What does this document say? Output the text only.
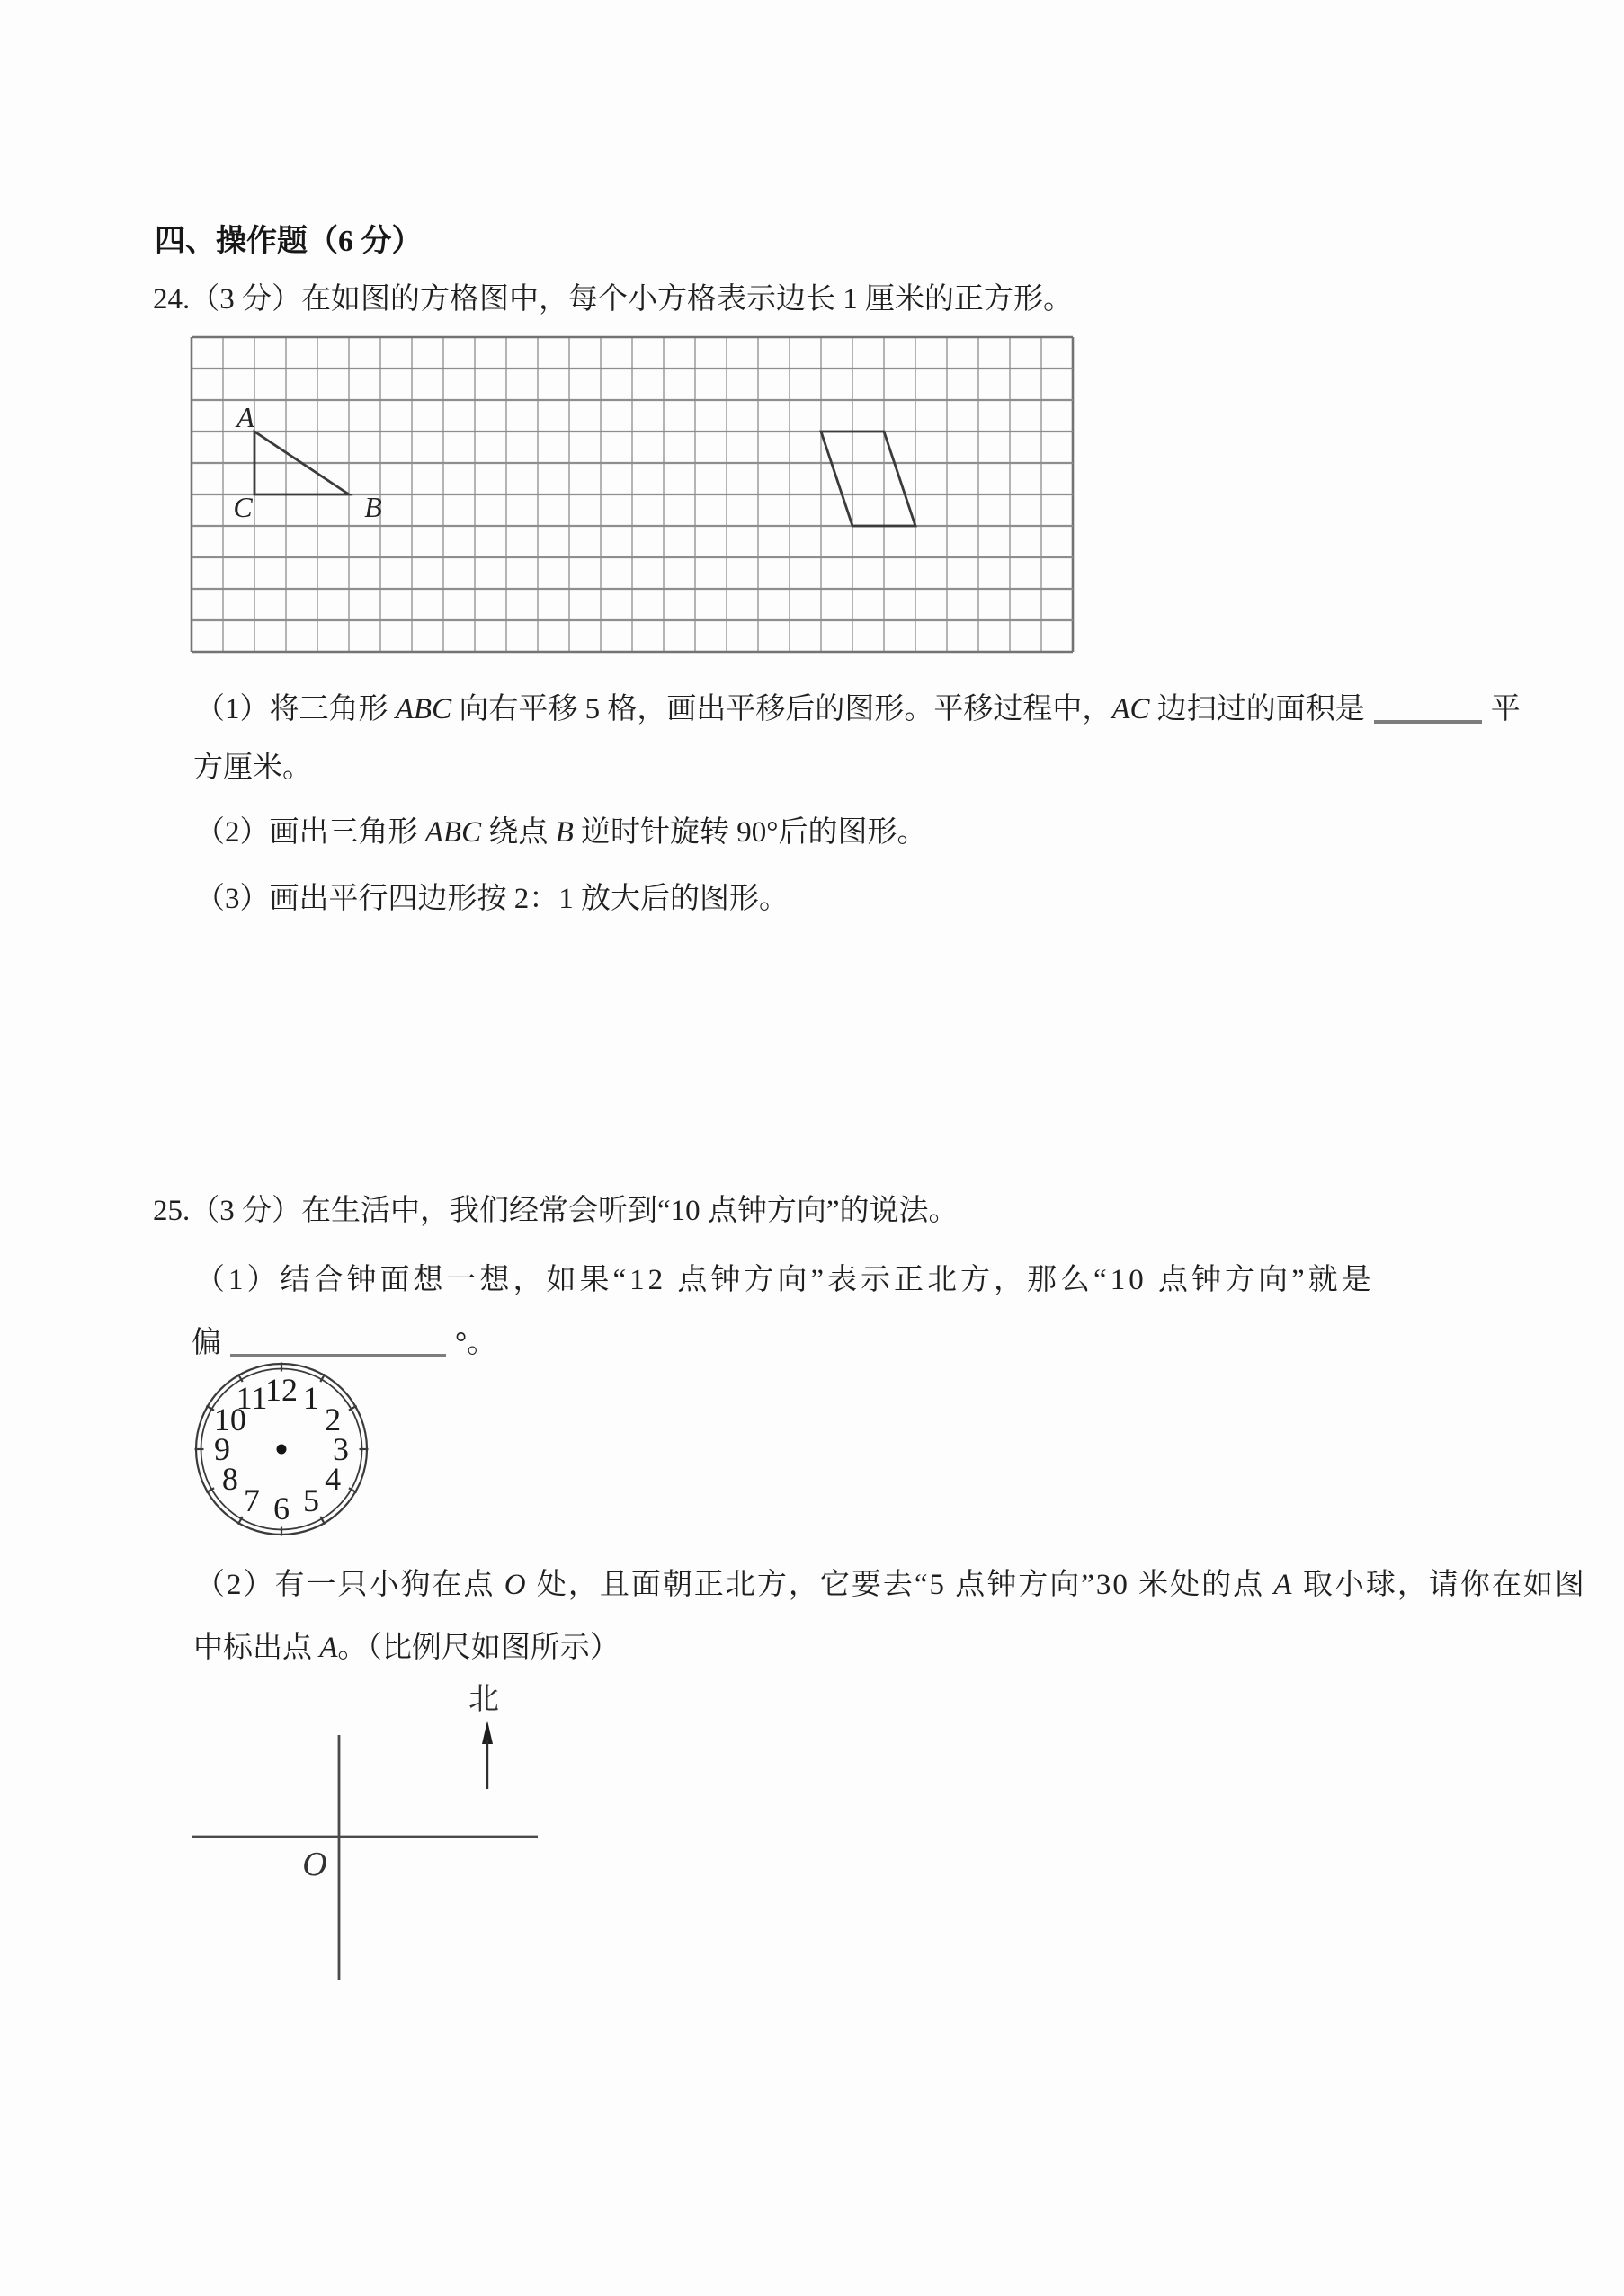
四、操作题（6 分）
24.（3 分）在如图的方格图中，每个小方格表示边长 1 厘米的正方形。
A
C	B
（1）将三角形 ABC 向右平移 5 格，画出平移后的图形。平移过程中，AC 边扫过的面积是	平
方厘米。
（2）画出三角形 ABC 绕点 B 逆时针旋转 90°后的图形。
（3）画出平行四边形按 2：1 放大后的图形。
25.（3 分）在生活中，我们经常会听到“10 点钟方向”的说法。
（1）结合钟面想一想，如果“12 点钟方向”表示正北方，那么“10 点钟方向”就是
偏	°。
12 1
2
3
4
5
6
7
8
9
10
11
（2）有一只小狗在点 O 处，且面朝正北方，它要去“5 点钟方向”30 米处的点 A 取小球，请你在如图
中标出点 A。（比例尺如图所示）
北
O
